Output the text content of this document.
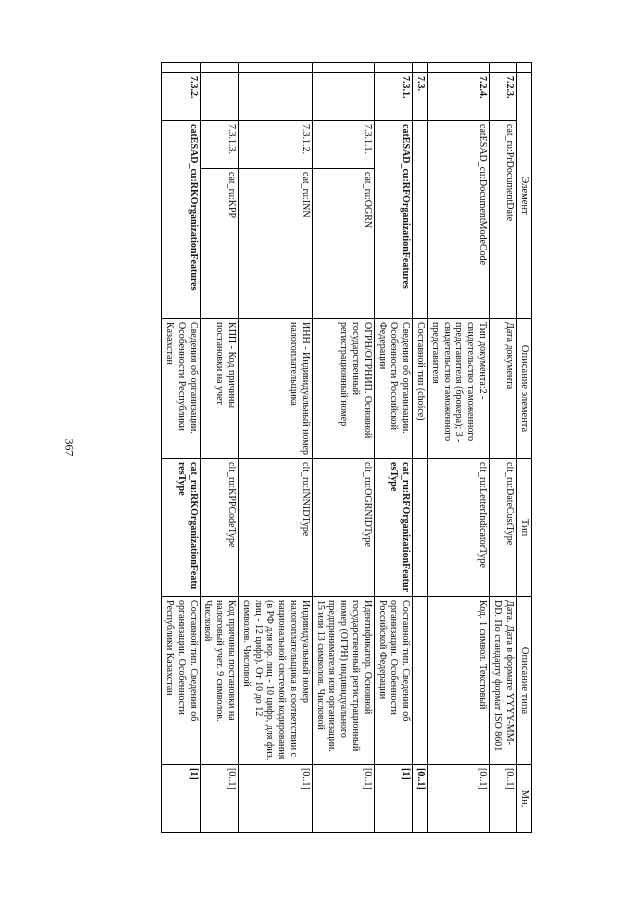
367
	Элемент			Описание элемента	Тип	Описание типа	Мн.
	7.2.3.	cat_ru:PrDocumentDate		Дата документа	clt_ru:DateCustType	Дата. Дата в формате YYYY-MM-DD. По стандарту формат ISO 8601	[0..1]
	7.2.4.	catESAD_cu:DocumentModeCode		Тип документа:2 - свидетельство таможенного представителя (брокера); 3 - свидетельство таможенного представителя	clt_ru:LetterIndicatorType	Код. 1 символ. Текстовый	[0..1]
	7.3.			Составной тип (choice)			[0..1]
	7.3.1.	catESAD_cu:RFOrganizationFeatures		Сведения об организации. Особенности Российской Федерации	cat_ru:RFOrganizationFeaturesType	Составной тип. Сведения об организации. Особенности Российской Федерации	[1]
		7.3.1.1.	cat_ru:OGRN	ОГРН/ОГРНИП. Основной государственный регистрационный номер	clt_ru:OGRNIDType	Идентификатор. Основной государственный регистрационный номер (ОГРН) индивидуального предпринимателя или организации. 15 или 13 символов. Числовой	[0..1]
		7.3.1.2.	cat_ru:INN	ИНН - Индивидуальный номер налогоплательщика	clt_ru:INNIDType	Индивидуальный номер налогоплательщика в соответствии с национальной системой кодирования (в РФ для юр. лиц - 10 цифр, для физ. лиц - 12 цифр). От 10 до 12 символов. Числовой	[0..1]
		7.3.1.3.	cat_ru:KPP	КПП - Код причины постановки на учет	clt_ru:KPPCodeType	Код причины постановки на налоговый учет. 9 символов. Числовой	[0..1]
	7.3.2.	catESAD_cu:RKOrganizationFeatures		Сведения об организации. Особенности Республики Казахстан	cat_ru:RKOrganizationFeaturesType	Составной тип. Сведения об организации. Особенности Республики Казахстан	[1]
